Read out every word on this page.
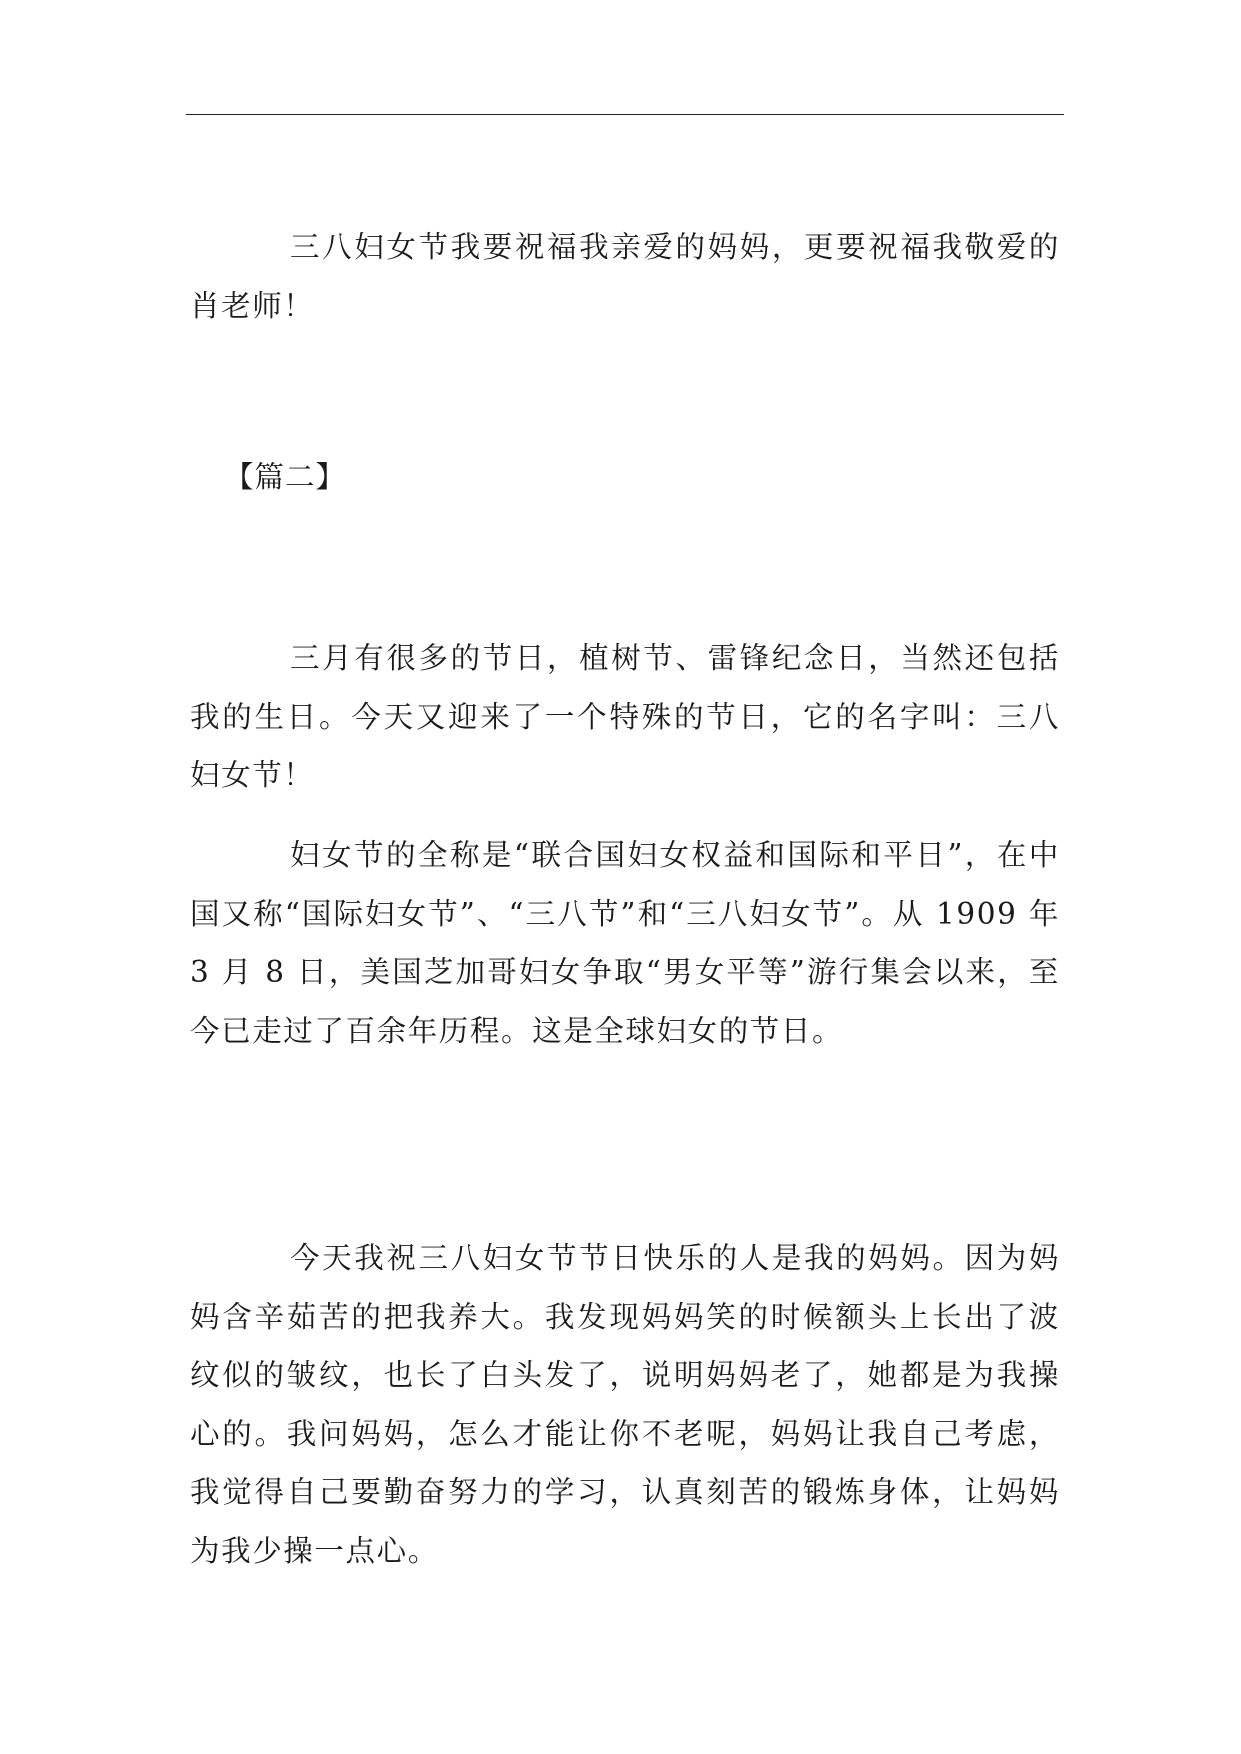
三八妇女节我要祝福我亲爱的妈妈，更要祝福我敬爱的肖老师！

【篇二】

三月有很多的节日，植树节、雷锋纪念日，当然还包括我的生日。今天又迎来了一个特殊的节日，它的名字叫：三八妇女节！

妇女节的全称是“联合国妇女权益和国际和平日”，在中国又称“国际妇女节”、“三八节”和“三八妇女节”。从 1909 年 3 月 8 日，美国芝加哥妇女争取“男女平等”游行集会以来，至今已走过了百余年历程。这是全球妇女的节日。

今天我祝三八妇女节节日快乐的人是我的妈妈。因为妈妈含辛茹苦的把我养大。我发现妈妈笑的时候额头上长出了波纹似的皱纹，也长了白头发了，说明妈妈老了，她都是为我操心的。我问妈妈，怎么才能让你不老呢，妈妈让我自己考虑，我觉得自己要勤奋努力的学习，认真刻苦的锻炼身体，让妈妈为我少操一点心。
